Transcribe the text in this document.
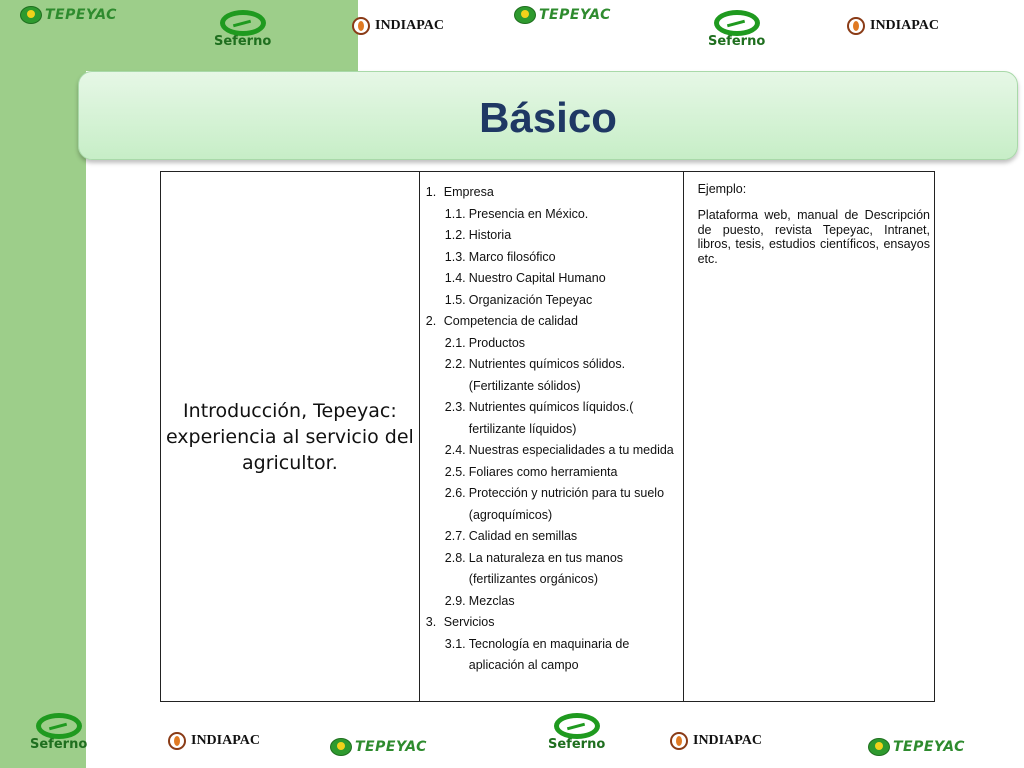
TEPEYAC
Seferno
INDIAPAC
TEPEYAC
Seferno
INDIAPAC
Básico
Introducción, Tepeyac: experiencia al servicio del agricultor.

1. Empresa
1.1. Presencia en México.
1.2. Historia
1.3. Marco filosófico
1.4. Nuestro Capital Humano
1.5. Organización Tepeyac
2. Competencia de calidad
2.1. Productos
2.2. Nutrientes químicos sólidos.(Fertilizante sólidos)
2.3. Nutrientes químicos líquidos.( fertilizante líquidos)
2.4. Nuestras especialidades a tu medida
2.5. Foliares como herramienta
2.6. Protección y nutrición para tu suelo (agroquímicos)
2.7. Calidad en semillas
2.8. La naturaleza en tus manos (fertilizantes orgánicos)
2.9. Mezclas
3. Servicios
3.1. Tecnología en maquinaria de aplicación al campo

Ejemplo:
Plataforma web, manual de Descripción de puesto, revista Tepeyac, Intranet, libros, tesis, estudios científicos, ensayos etc.
Seferno	INDIAPAC	TEPEYAC	Seferno	INDIAPAC	TEPEYAC
